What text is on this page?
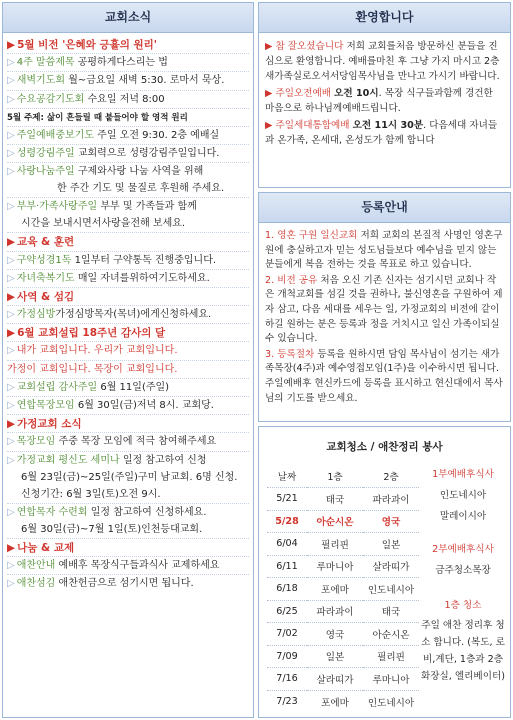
교회소식
▶ 5월 비전 '은혜와 긍휼의 원리'
▷ 4주 말씀제목 공평하게다스리는 법
▷ 새벽기도회 월~금요일 새벽 5:30. 로마서 묵상.
▷ 수요공감기도회 수요일 저녁 8:00
5월 주제: 삶이 흔들릴 때 붙들어야 할 영적 원리
▷ 주일예배중보기도 주일 오전 9:30. 2층 예배실
▷ 성령강림주일 교회력으로 성령강림주일입니다.
▷ 사랑나눔주일 구제와사랑 나눔 사역을 위해
한 주간 기도 및 물질로 후원해 주세요.
▷ 부부·가족사랑주일 부부 및 가족들과 함께
시간을 보내시면서사랑을전해 보세요.
▶ 교육 & 훈련
▷ 구약성경1독 1일부터 구약통독 진행중입니다.
▷ 자녀축복기도 매일 자녀를위하여기도하세요.
▶ 사역 & 섬김
▷ 가정심방가정심방목자(목녀)에게신청하세요.
▶ 6월 교회설립 18주년 감사의 달
▷ 내가 교회입니다. 우리가 교회입니다.
가정이 교회입니다. 목장이 교회입니다.
▷ 교회설립 감사주일 6월 11일(주일)
▷ 연합목장모임 6월 30일(금)저녁 8시. 교회당.
▶ 가정교회 소식
▷ 목장모임 주중 목장 모임에 적극 참여해주세요
▷ 가정교회 평신도 세미나 일정 참고하여 신청
6월 23일(금)~25일(주일)구미 남교회. 6명 신청.
신청기간: 6월 3일(토)오전 9시.
▷ 연합목자 수련회 일정 참고하여 신청하세요.
6월 30일(금)~7월 1일(토)인천등대교회.
▶ 나눔 & 교제
▷ 애찬안내 예배후 목장식구들과식사 교제하세요
▷ 애찬섬김 애찬헌금으로 섬기시면 됩니다.
환영합니다

▶ 참 잘오셨습니다 저희 교회를처음 방문하신 분들을 진심으로 환영합니다. 예배를마친 후 그냥 가지 마시고 2층 새가족실로오셔서당임목사님을 만나고 가시기 바랍니다.

▶ 주일오전예배 오전 10시. 목장 식구들과함께 경건한 마음으로 하나님께예배드립니다.

▶ 주일세대통합예배 오전 11시 30분. 다음세대 자녀들과 온가족, 온세대, 온성도가 함께 합니다

등록안내

1. 영혼 구원 일신교회 저희 교회의 본질적 사명인 영혼구원에 충실하고자 믿는 성도님들보다 예수님을 믿지 않는 분들에게 복음 전하는 것을 목표로 하고 있습니다.

2. 비전 공유 처음 오신 기존 신자는 섬기시던 교회나 작은 개척교회를 섬길 것을 권하나, 불신영혼을 구원하여 제자 삼고, 다음 세대를 세우는 일, 가정교회의 비전에 같이 하길 원하는 분은 등록과 정을 거치시고 일신 가족이되실 수 있습니다.

3. 등록절차 등록을 원하시면 담임 목사님이 섬기는 새가족목장(4주)과 예수영접모임(1주)을 이수하시면 됩니다. 주일예배후 현신카드에 등록을 표시하고 현신대에서 목사님의 기도를 받으세요.

교회청소 / 애찬정리 봉사
날짜	1층	2층
5/21	태국	파라과이
5/28	아순시온	영국
6/04	필리핀	일본
6/11	루마니아	살라띠가
6/18	포에마	인도네시아
6/25	파라과이	태국
7/02	영국	아순시온
7/09	일본	필리핀
7/16	살라띠가	루마니아
7/23	포에마	인도네시아
1부예배후식사
인도네시아
말레이시아
2부예배후식사
금주청소목장
1층 청소
주일 애찬 정리후 청소 합니다. (복도, 로비,계단, 1층과 2층 화장실, 엘리베이터)
